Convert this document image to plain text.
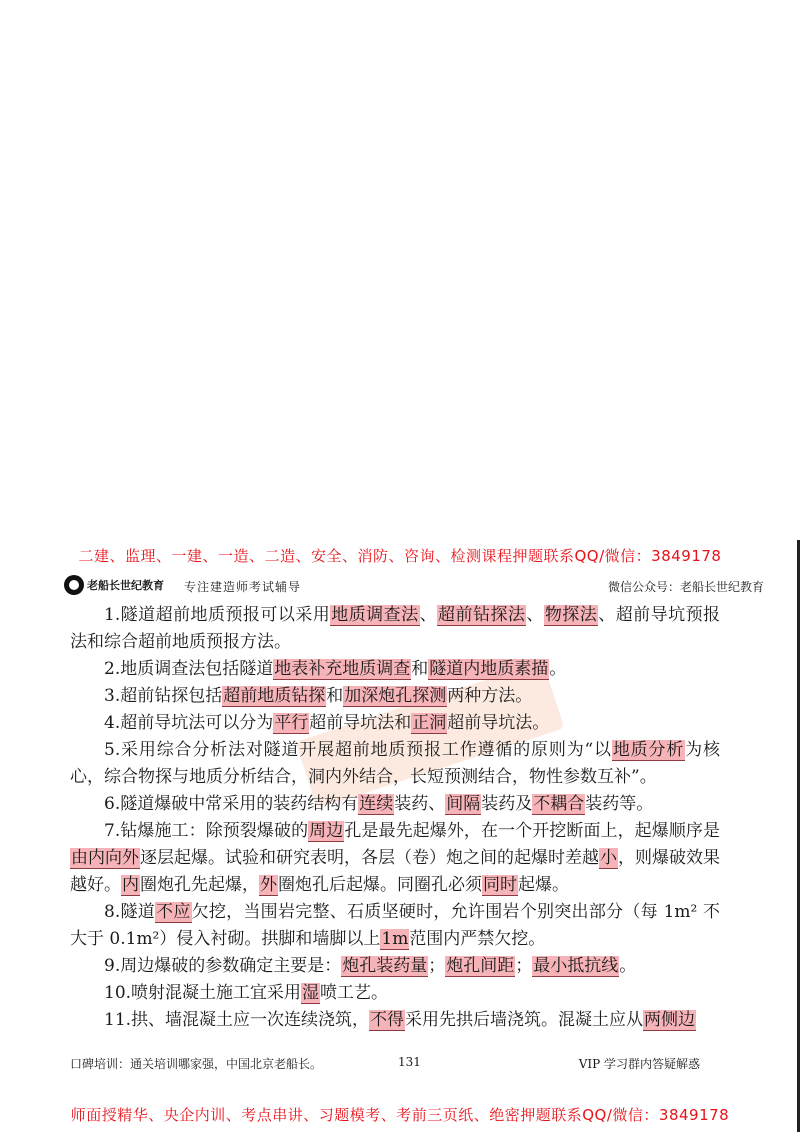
二建、监理、一建、一造、二造、安全、消防、咨询、检测课程押题联系QQ/微信：3849178
老船长世纪教育 专注建造师考试辅导	微信公众号：老船长世纪教育

1.隧道超前地质预报可以采用地质调查法、超前钻探法、物探法、超前导坑预报法和综合超前地质预报方法。

2.地质调查法包括隧道地表补充地质调查和隧道内地质素描。

3.超前钻探包括超前地质钻探和加深炮孔探测两种方法。

4.超前导坑法可以分为平行超前导坑法和正洞超前导坑法。

5.采用综合分析法对隧道开展超前地质预报工作遵循的原则为“以地质分析为核心，综合物探与地质分析结合，洞内外结合，长短预测结合，物性参数互补”。

6.隧道爆破中常采用的装药结构有连续装药、间隔装药及不耦合装药等。

7.钻爆施工：除预裂爆破的周边孔是最先起爆外，在一个开挖断面上，起爆顺序是由内向外逐层起爆。试验和研究表明，各层（卷）炮之间的起爆时差越小，则爆破效果越好。内圈炮孔先起爆，外圈炮孔后起爆。同圈孔必须同时起爆。

8.隧道不应欠挖，当围岩完整、石质坚硬时，允许围岩个别突出部分（每 1m² 不大于 0.1m²）侵入衬砌。拱脚和墙脚以上1m范围内严禁欠挖。

9.周边爆破的参数确定主要是：炮孔装药量；炮孔间距；最小抵抗线。

10.喷射混凝土施工宜采用湿喷工艺。

11.拱、墙混凝土应一次连续浇筑，不得采用先拱后墙浇筑。混凝土应从两侧边

口碑培训：通关培训哪家强，中国北京老船长。	131	VIP 学习群内答疑解惑
师面授精华、央企内训、考点串讲、习题模考、考前三页纸、绝密押题联系QQ/微信：3849178
